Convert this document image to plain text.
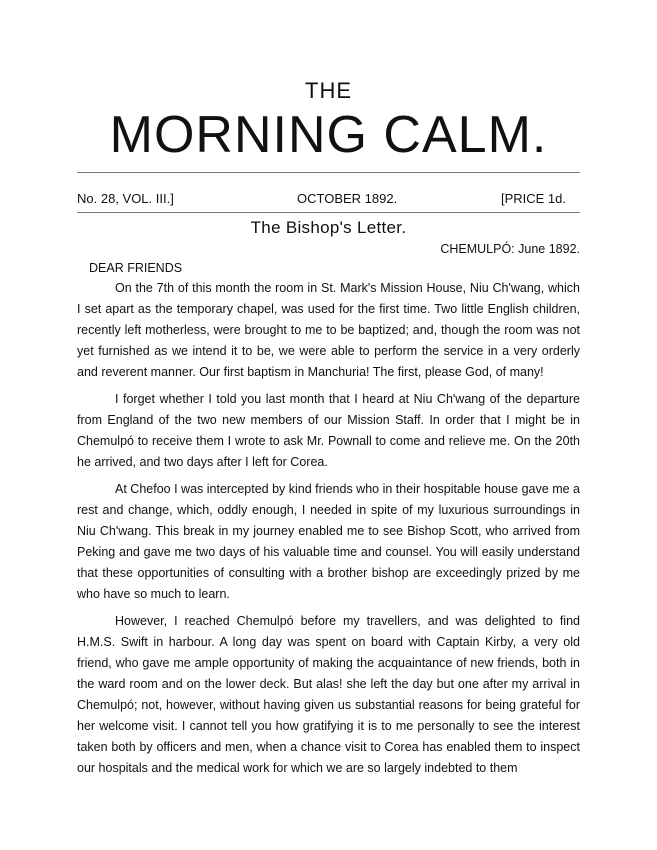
THE
MORNING CALM.
No. 28, VOL. III.]	OCTOBER 1892.	[PRICE 1d.
The Bishop's Letter.
CHEMULPÓ: June 1892.
DEAR FRIENDS

On the 7th of this month the room in St. Mark's Mission House, Niu Ch'wang, which I set apart as the temporary chapel, was used for the first time. Two little English children, recently left motherless, were brought to me to be baptized; and, though the room was not yet furnished as we intend it to be, we were able to perform the service in a very orderly and reverent manner. Our first baptism in Manchuria! The first, please God, of many!

I forget whether I told you last month that I heard at Niu Ch'wang of the departure from England of the two new members of our Mission Staff. In order that I might be in Chemulpó to receive them I wrote to ask Mr. Pownall to come and relieve me. On the 20th he arrived, and two days after I left for Corea.

At Chefoo I was intercepted by kind friends who in their hospitable house gave me a rest and change, which, oddly enough, I needed in spite of my luxurious surroundings in Niu Ch'wang. This break in my journey enabled me to see Bishop Scott, who arrived from Peking and gave me two days of his valuable time and counsel. You will easily understand that these opportunities of consulting with a brother bishop are exceedingly prized by me who have so much to learn.

However, I reached Chemulpó before my travellers, and was delighted to find H.M.S. Swift in harbour. A long day was spent on board with Captain Kirby, a very old friend, who gave me ample opportunity of making the acquaintance of new friends, both in the ward room and on the lower deck. But alas! she left the day but one after my arrival in Chemulpó; not, however, without having given us substantial reasons for being grateful for her welcome visit. I cannot tell you how gratifying it is to me personally to see the interest taken both by officers and men, when a chance visit to Corea has enabled them to inspect our hospitals and the medical work for which we are so largely indebted to them
